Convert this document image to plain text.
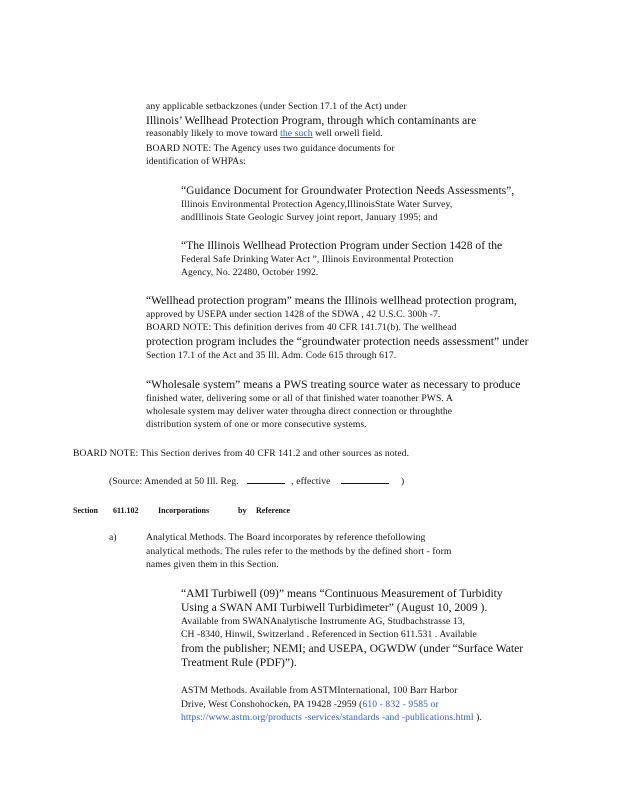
any applicable setbackzones (under Section 17.1 of the Act) under
Illinois’ Wellhead Protection Program, through which contaminants are
reasonably likely to move toward the such well orwell field.
BOARD NOTE: The Agency uses two guidance documents for
identification of WHPAs:
“Guidance Document for Groundwater Protection Needs Assessments”,
Illinois Environmental Protection Agency,IllinoisState Water Survey,
andIllinois State Geologic Survey joint report, January 1995; and
“The Illinois Wellhead Protection Program under Section 1428 of the
Federal Safe Drinking Water Act ”, Illinois Environmental Protection
Agency, No. 22480, October 1992.
“Wellhead protection program” means the Illinois wellhead protection program,
approved by USEPA under section 1428 of the SDWA , 42 U.S.C. 300h -7.
BOARD NOTE: This definition derives from 40 CFR 141.71(b). The wellhead
protection program includes the “groundwater protection needs assessment” under
Section 17.1 of the Act and 35 Ill. Adm. Code 615 through 617.
“Wholesale system” means a PWS treating source water as necessary to produce
finished water, delivering some or all of that finished water toanother PWS. A
wholesale system may deliver water througha direct connection or throughthe
distribution system of one or more consecutive systems.
BOARD NOTE: This Section derives from 40 CFR 141.2 and other sources as noted.
(Source: Amended at 50 Ill. Reg.	, effective	)
Section 611.102 Incorporations	by Reference
a)	Analytical Methods. The Board incorporates by reference thefollowing
analytical methods. The rules refer to the methods by the defined short - form
names given them in this Section.
“AMI Turbiwell (09)” means “Continuous Measurement of Turbidity
Using a SWAN AMI Turbiwell Turbidimeter” (August 10, 2009 ).
Available from SWANAnalytische Instrumente AG, Studbachstrasse 13,
CH -8340, Hinwil, Switzerland . Referenced in Section 611.531 . Available
from the publisher; NEMI; and USEPA, OGWDW (under “Surface Water
Treatment Rule (PDF)”).
ASTM Methods. Available from ASTMInternational, 100 Barr Harbor
Drive, West Conshohocken, PA 19428 -2959 (610 - 832 - 9585 or
https://www.astm.org/products -services/standards -and -publications.html ).
